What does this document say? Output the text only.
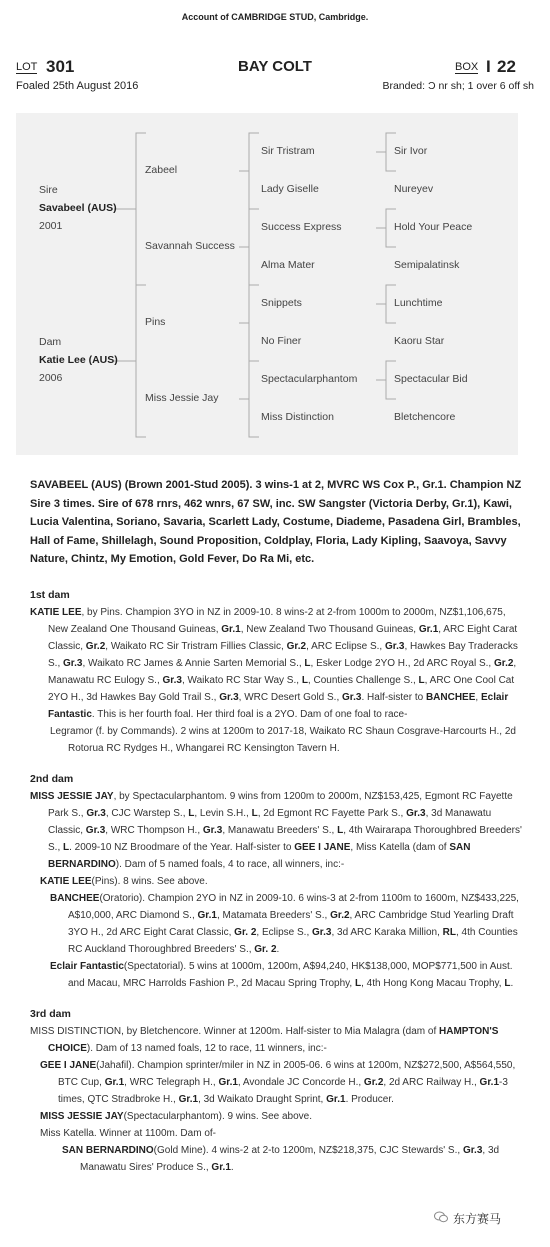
Account of CAMBRIDGE STUD, Cambridge.
LOT 301
Foaled 25th August 2016
BAY COLT	BOX I 22
Branded: Ɔ nr sh; 1 over 6 off sh
Sire
Savabeel (AUS)
2001
Dam
Katie Lee (AUS)
2006
Zabeel
Savannah Success
Pins
Miss Jessie Jay
Sir Tristram
Lady Giselle
Success Express
Alma Mater
Snippets
No Finer
Spectacularphantom
Miss Distinction
Sir Ivor
Nureyev
Hold Your Peace
Semipalatinsk
Lunchtime
Kaoru Star
Spectacular Bid
Bletchencore
SAVABEEL (AUS) (Brown 2001-Stud 2005). 3 wins-1 at 2, MVRC WS Cox P., Gr.1. Champion NZ Sire 3 times. Sire of 678 rnrs, 462 wnrs, 67 SW, inc. SW Sangster (Victoria Derby, Gr.1), Kawi, Lucia Valentina, Soriano, Savaria, Scarlett Lady, Costume, Diademe, Pasadena Girl, Brambles, Hall of Fame, Shillelagh, Sound Proposition, Coldplay, Floria, Lady Kipling, Saavoya, Savvy Nature, Chintz, My Emotion, Gold Fever, Do Ra Mi, etc.

1st dam

KATIE LEE, by Pins. Champion 3YO in NZ in 2009-10. 8 wins-2 at 2-from 1000m to 2000m, NZ$1,106,675, New Zealand One Thousand Guineas, Gr.1, New Zealand Two Thousand Guineas, Gr.1, ARC Eight Carat Classic, Gr.2, Waikato RC Sir Tristram Fillies Classic, Gr.2, ARC Eclipse S., Gr.3, Hawkes Bay Traderacks S., Gr.3, Waikato RC James & Annie Sarten Memorial S., L, Esker Lodge 2YO H., 2d ARC Royal S., Gr.2, Manawatu RC Eulogy S., Gr.3, Waikato RC Star Way S., L, Counties Challenge S., L, ARC One Cool Cat 2YO H., 3d Hawkes Bay Gold Trail S., Gr.3, WRC Desert Gold S., Gr.3. Half-sister to BANCHEE, Eclair Fantastic. This is her fourth foal. Her third foal is a 2YO. Dam of one foal to race-

Legramor (f. by Commands). 2 wins at 1200m to 2017-18, Waikato RC Shaun Cosgrave-Harcourts H., 2d Rotorua RC Rydges H., Whangarei RC Kensington Tavern H.

2nd dam

MISS JESSIE JAY, by Spectacularphantom. 9 wins from 1200m to 2000m, NZ$153,425, Egmont RC Fayette Park S., Gr.3, CJC Warstep S., L, Levin S.H., L, 2d Egmont RC Fayette Park S., Gr.3, 3d Manawatu Classic, Gr.3, WRC Thompson H., Gr.3, Manawatu Breeders' S., L, 4th Wairarapa Thoroughbred Breeders' S., L. 2009-10 NZ Broodmare of the Year. Half-sister to GEE I JANE, Miss Katella (dam of SAN BERNARDINO). Dam of 5 named foals, 4 to race, all winners, inc:-

KATIE LEE(Pins). 8 wins. See above.

BANCHEE(Oratorio). Champion 2YO in NZ in 2009-10. 6 wins-3 at 2-from 1100m to 1600m, NZ$433,225, A$10,000, ARC Diamond S., Gr.1, Matamata Breeders' S., Gr.2, ARC Cambridge Stud Yearling Draft 3YO H., 2d ARC Eight Carat Classic, Gr. 2, Eclipse S., Gr.3, 3d ARC Karaka Million, RL, 4th Counties RC Auckland Thoroughbred Breeders' S., Gr. 2.

Eclair Fantastic(Spectatorial). 5 wins at 1000m, 1200m, A$94,240, HK$138,000, MOP$771,500 in Aust. and Macau, MRC Harrolds Fashion P., 2d Macau Spring Trophy, L, 4th Hong Kong Macau Trophy, L.

3rd dam

MISS DISTINCTION, by Bletchencore. Winner at 1200m. Half-sister to Mia Malagra (dam of HAMPTON'S CHOICE). Dam of 13 named foals, 12 to race, 11 winners, inc:-

GEE I JANE(Jahafil). Champion sprinter/miler in NZ in 2005-06. 6 wins at 1200m, NZ$272,500, A$564,550, BTC Cup, Gr.1, WRC Telegraph H., Gr.1, Avondale JC Concorde H., Gr.2, 2d ARC Railway H., Gr.1-3 times, QTC Stradbroke H., Gr.1, 3d Waikato Draught Sprint, Gr.1. Producer.

MISS JESSIE JAY(Spectacularphantom). 9 wins. See above.

Miss Katella. Winner at 1100m. Dam of-

SAN BERNARDINO(Gold Mine). 4 wins-2 at 2-to 1200m, NZ$218,375, CJC Stewards' S., Gr.3, 3d Manawatu Sires' Produce S., Gr.1.

东方赛马
